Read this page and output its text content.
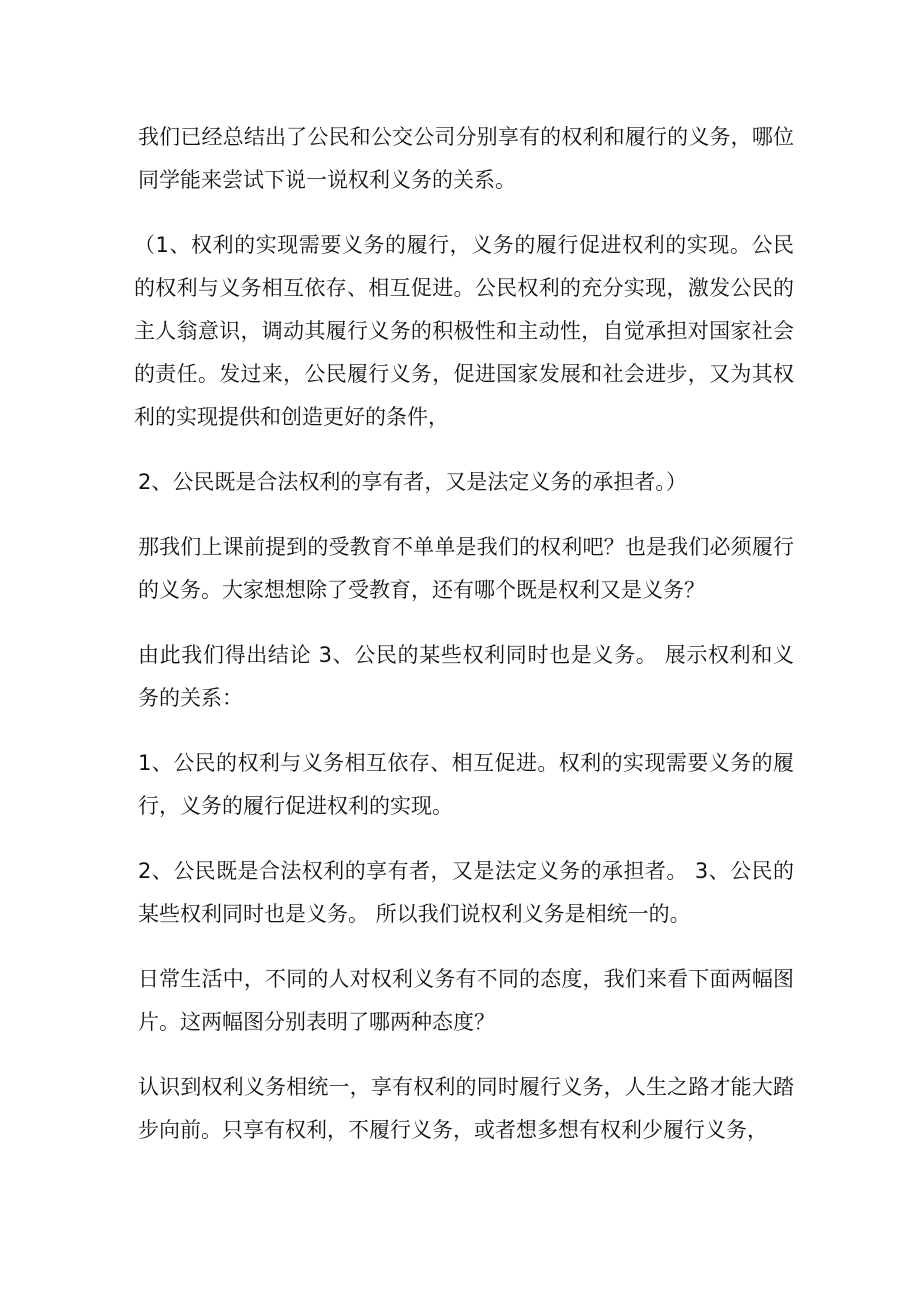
我们已经总结出了公民和公交公司分别享有的权利和履行的义务，哪位同学能来尝试下说一说权利义务的关系。

（1、权利的实现需要义务的履行，义务的履行促进权利的实现。公民的权利与义务相互依存、相互促进。公民权利的充分实现，激发公民的主人翁意识，调动其履行义务的积极性和主动性，自觉承担对国家社会的责任。发过来，公民履行义务，促进国家发展和社会进步，又为其权利的实现提供和创造更好的条件，

2、公民既是合法权利的享有者，又是法定义务的承担者。）

那我们上课前提到的受教育不单单是我们的权利吧？也是我们必须履行的义务。大家想想除了受教育，还有哪个既是权利又是义务？

由此我们得出结论 3、公民的某些权利同时也是义务。 展示权利和义务的关系：

1、公民的权利与义务相互依存、相互促进。权利的实现需要义务的履行，义务的履行促进权利的实现。

2、公民既是合法权利的享有者，又是法定义务的承担者。 3、公民的某些权利同时也是义务。 所以我们说权利义务是相统一的。

日常生活中，不同的人对权利义务有不同的态度，我们来看下面两幅图片。这两幅图分别表明了哪两种态度？

认识到权利义务相统一，享有权利的同时履行义务，人生之路才能大踏步向前。只享有权利，不履行义务，或者想多想有权利少履行义务，
